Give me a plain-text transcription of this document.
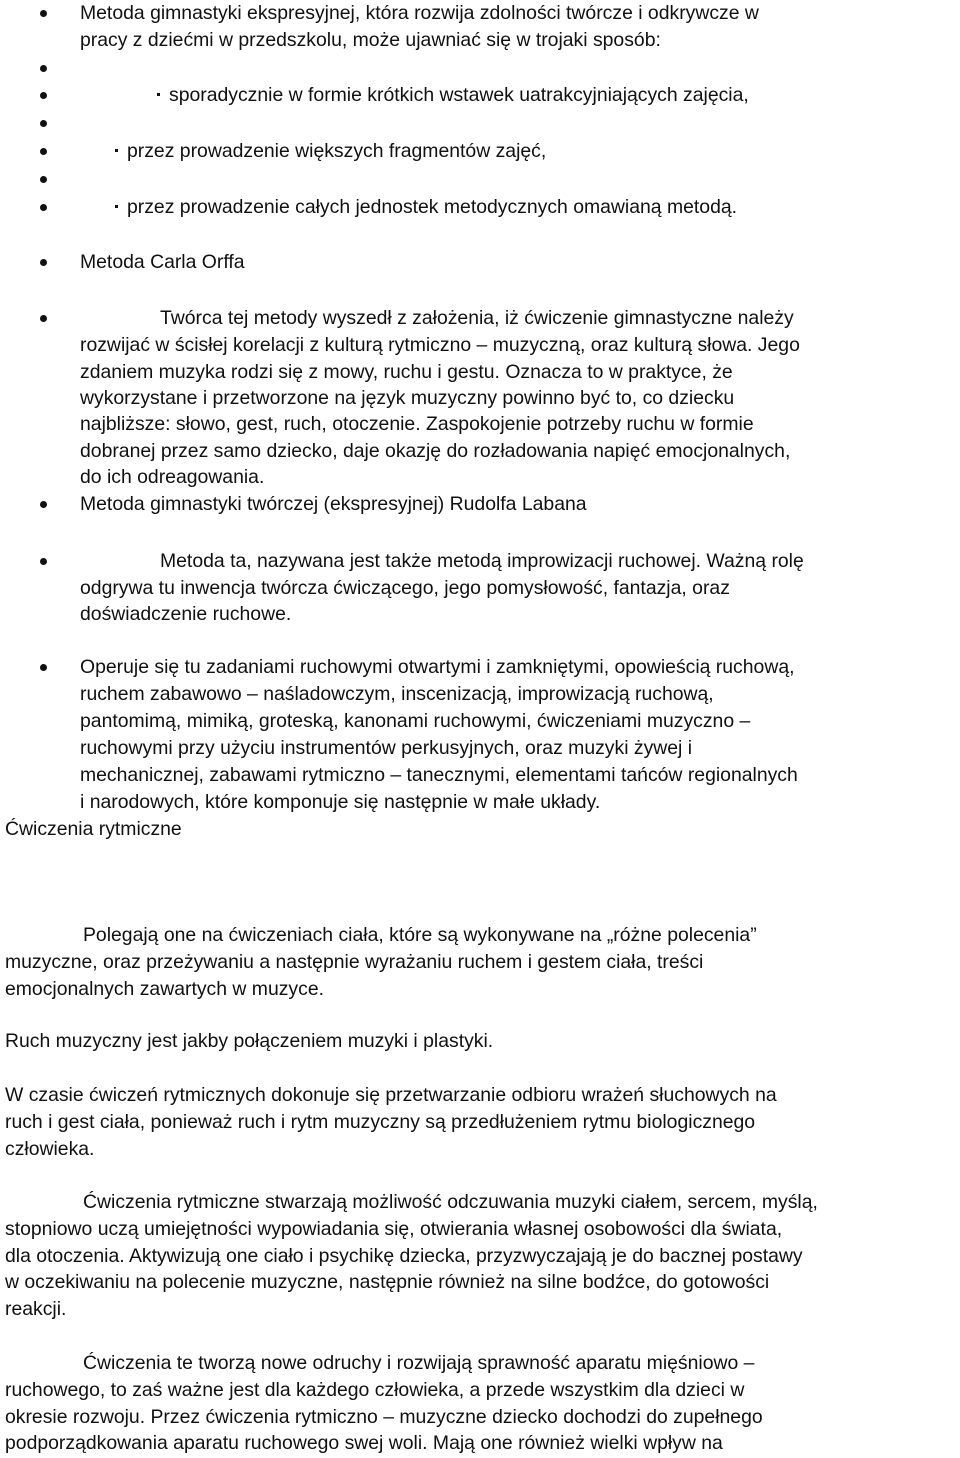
Metoda gimnastyki ekspresyjnej, która rozwija zdolności twórcze i odkrywcze w
pracy z dziećmi w przedszkolu, może ujawniać się w trojaki sposób:
sporadycznie w formie krótkich wstawek uatrakcyjniających zajęcia,
przez prowadzenie większych fragmentów zajęć,
przez prowadzenie całych jednostek metodycznych omawianą metodą.
Metoda Carla Orffa
Twórca tej metody wyszedł z założenia, iż ćwiczenie gimnastyczne należy
rozwijać w ścisłej korelacji z kulturą rytmiczno – muzyczną, oraz kulturą słowa. Jego
zdaniem muzyka rodzi się z mowy, ruchu i gestu. Oznacza to w praktyce, że
wykorzystane i przetworzone na język muzyczny powinno być to, co dziecku
najbliższe: słowo, gest, ruch, otoczenie. Zaspokojenie potrzeby ruchu w formie
dobranej przez samo dziecko, daje okazję do rozładowania napięć emocjonalnych,
do ich odreagowania.
Metoda gimnastyki twórczej (ekspresyjnej) Rudolfa Labana
Metoda ta, nazywana jest także metodą improwizacji ruchowej. Ważną rolę
odgrywa tu inwencja twórcza ćwiczącego, jego pomysłowość, fantazja, oraz
doświadczenie ruchowe.
Operuje się tu zadaniami ruchowymi otwartymi i zamkniętymi, opowieścią ruchową,
ruchem zabawowo – naśladowczym, inscenizacją, improwizacją ruchową,
pantomimą, mimiką, groteską, kanonami ruchowymi, ćwiczeniami muzyczno –
ruchowymi przy użyciu instrumentów perkusyjnych, oraz muzyki żywej i
mechanicznej, zabawami rytmiczno – tanecznymi, elementami tańców regionalnych
i narodowych, które komponuje się następnie w małe układy.
Ćwiczenia rytmiczne
Polegają one na ćwiczeniach ciała, które są wykonywane na „różne polecenia”
muzyczne, oraz przeżywaniu a następnie wyrażaniu ruchem i gestem ciała, treści
emocjonalnych zawartych w muzyce.
Ruch muzyczny jest jakby połączeniem muzyki i plastyki.
W czasie ćwiczeń rytmicznych dokonuje się przetwarzanie odbioru wrażeń słuchowych na
ruch i gest ciała, ponieważ ruch i rytm muzyczny są przedłużeniem rytmu biologicznego
człowieka.
Ćwiczenia rytmiczne stwarzają możliwość odczuwania muzyki ciałem, sercem, myślą,
stopniowo uczą umiejętności wypowiadania się, otwierania własnej osobowości dla świata,
dla otoczenia. Aktywizują one ciało i psychikę dziecka, przyzwyczajają je do bacznej postawy
w oczekiwaniu na polecenie muzyczne, następnie również na silne bodźce, do gotowości
reakcji.
Ćwiczenia te tworzą nowe odruchy i rozwijają sprawność aparatu mięśniowo –
ruchowego, to zaś ważne jest dla każdego człowieka, a przede wszystkim dla dzieci w
okresie rozwoju. Przez ćwiczenia rytmiczno – muzyczne dziecko dochodzi do zupełnego
podporządkowania aparatu ruchowego swej woli. Mają one również wielki wpływ na
